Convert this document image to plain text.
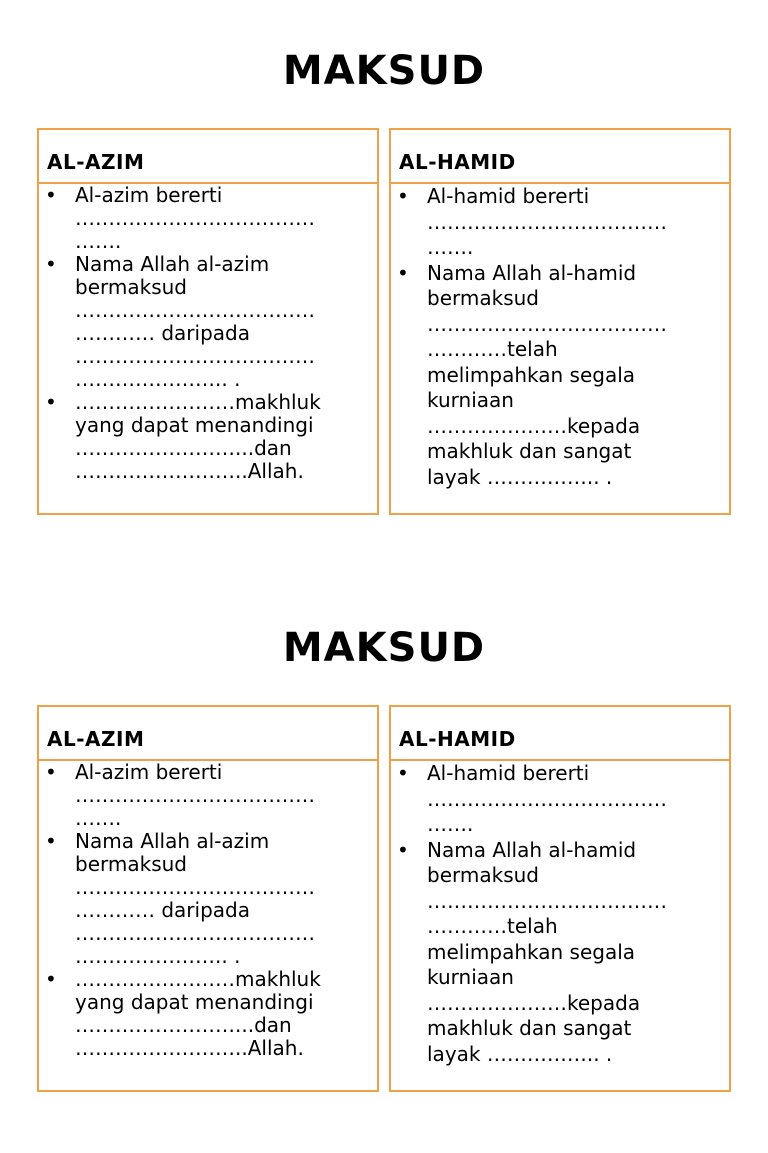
MAKSUD
AL-AZIM
• Al-azim bererti
………………………………
…….
• Nama Allah al-azim
bermaksud
………………………………
………… daripada
………………………………
………………….. .
• ……………………makhluk
yang dapat menandingi
……………………...dan
……………………..Allah.
AL-HAMID
• Al-hamid bererti
………………………………
…….
• Nama Allah al-hamid
bermaksud
………………………………
…………telah
melimpahkan segala
kurniaan
…………………kepada
makhluk dan sangat
layak …………….. .
MAKSUD
AL-AZIM
• Al-azim bererti
………………………………
…….
• Nama Allah al-azim
bermaksud
………………………………
………… daripada
………………………………
………………….. .
• ……………………makhluk
yang dapat menandingi
……………………...dan
……………………..Allah.
AL-HAMID
• Al-hamid bererti
………………………………
…….
• Nama Allah al-hamid
bermaksud
………………………………
…………telah
melimpahkan segala
kurniaan
…………………kepada
makhluk dan sangat
layak …………….. .
